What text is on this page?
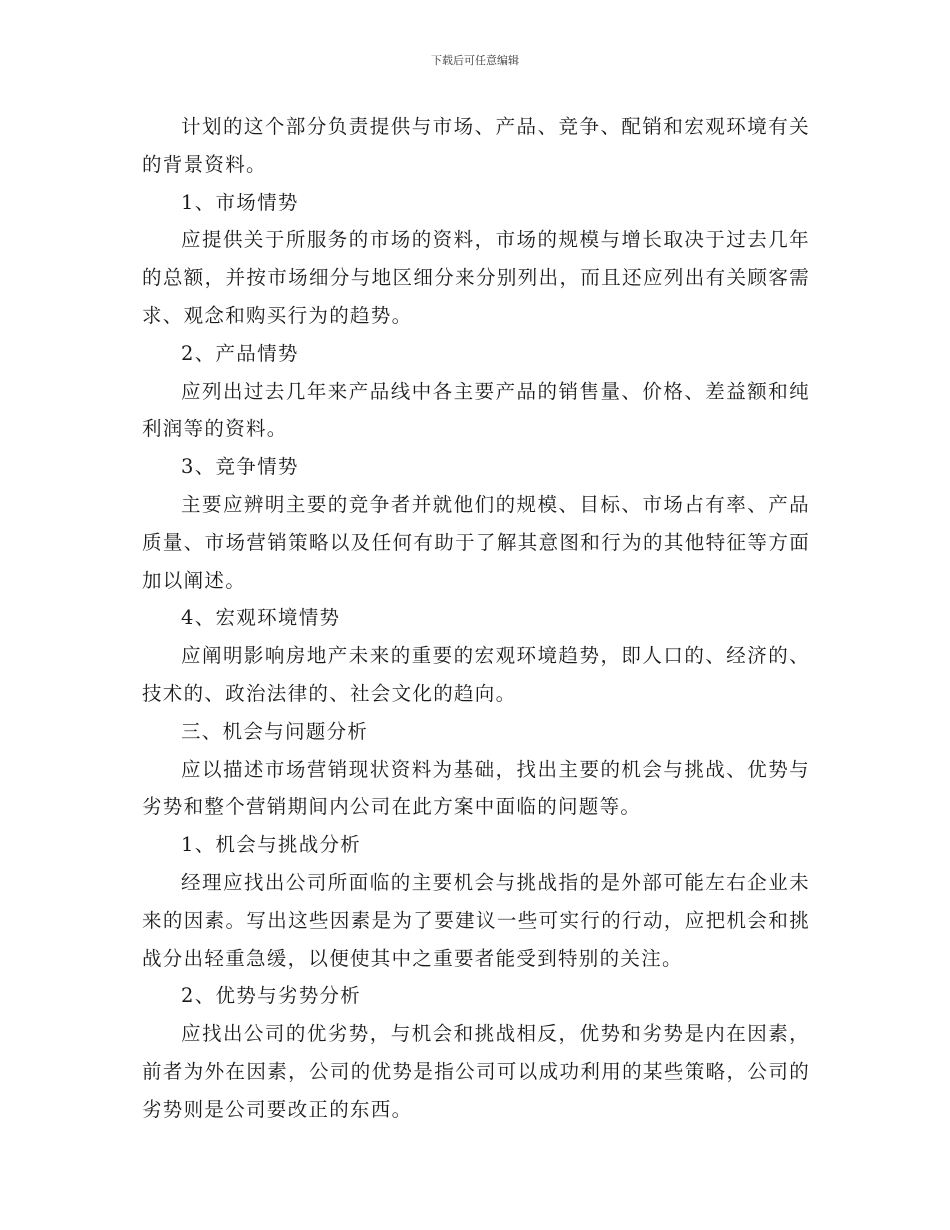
下载后可任意编辑

计划的这个部分负责提供与市场、产品、竞争、配销和宏观环境有关的背景资料。

1、市场情势

应提供关于所服务的市场的资料，市场的规模与增长取决于过去几年的总额，并按市场细分与地区细分来分别列出，而且还应列出有关顾客需求、观念和购买行为的趋势。

2、产品情势

应列出过去几年来产品线中各主要产品的销售量、价格、差益额和纯利润等的资料。

3、竞争情势

主要应辨明主要的竞争者并就他们的规模、目标、市场占有率、产品质量、市场营销策略以及任何有助于了解其意图和行为的其他特征等方面加以阐述。

4、宏观环境情势

应阐明影响房地产未来的重要的宏观环境趋势，即人口的、经济的、技术的、政治法律的、社会文化的趋向。

三、机会与问题分析

应以描述市场营销现状资料为基础，找出主要的机会与挑战、优势与劣势和整个营销期间内公司在此方案中面临的问题等。

1、机会与挑战分析

经理应找出公司所面临的主要机会与挑战指的是外部可能左右企业未来的因素。写出这些因素是为了要建议一些可实行的行动，应把机会和挑战分出轻重急缓，以便使其中之重要者能受到特别的关注。

2、优势与劣势分析

应找出公司的优劣势，与机会和挑战相反，优势和劣势是内在因素，前者为外在因素，公司的优势是指公司可以成功利用的某些策略，公司的劣势则是公司要改正的东西。
